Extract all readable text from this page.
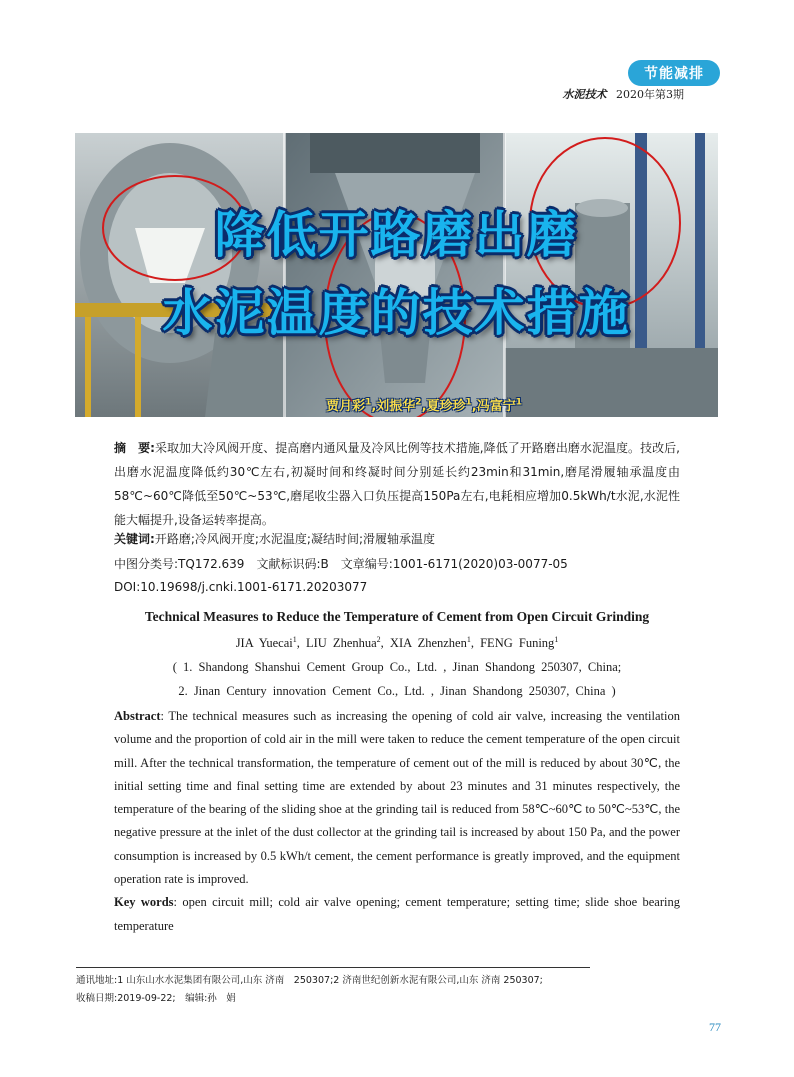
节能减排
水泥技术 2020年第3期
降低开路磨出磨
水泥温度的技术措施
贾月彩$^1$,刘振华$^2$,夏珍珍$^1$,冯富宁$^1$
摘　要:采取加大冷风阀开度、提高磨内通风量及冷风比例等技术措施,降低了开路磨出磨水泥温度。技改后,出磨水泥温度降低约30℃左右,初凝时间和终凝时间分别延长约23min和31min,磨尾滑履轴承温度由58℃~60℃降低至50℃~53℃,磨尾收尘器入口负压提高150Pa左右,电耗相应增加0.5kWh/t水泥,水泥性能大幅提升,设备运转率提高。
关键词:开路磨;冷风阀开度;水泥温度;凝结时间;滑履轴承温度
中图分类号:TQ172.639　文献标识码:B　文章编号:1001-6171(2020)03-0077-05
DOI:10.19698/j.cnki.1001-6171.20203077
Technical Measures to Reduce the Temperature of Cement from Open Circuit Grinding
JIA Yuecai$^1$, LIU Zhenhua$^2$, XIA Zhenzhen$^1$, FENG Funing$^1$
( 1. Shandong Shanshui Cement Group Co., Ltd. , Jinan Shandong 250307, China;
2. Jinan Century innovation Cement Co., Ltd. , Jinan Shandong 250307, China )
Abstract: The technical measures such as increasing the opening of cold air valve, increasing the ventilation volume and the proportion of cold air in the mill were taken to reduce the cement temperature of the open circuit mill. After the technical transformation, the temperature of cement out of the mill is reduced by about 30℃, the initial setting time and final setting time are extended by about 23 minutes and 31 minutes respectively, the temperature of the bearing of the sliding shoe at the grinding tail is reduced from 58℃~60℃ to 50℃~53℃, the negative pressure at the inlet of the dust collector at the grinding tail is increased by about 150 Pa, and the power consumption is increased by 0.5 kWh/t cement, the cement performance is greatly improved, and the equipment operation rate is improved.
Key words: open circuit mill; cold air valve opening; cement temperature; setting time; slide shoe bearing temperature
通讯地址:1 山东山水水泥集团有限公司,山东 济南　250307;2 济南世纪创新水泥有限公司,山东 济南 250307;
收稿日期:2019-09-22;　编辑:孙　娟
77
